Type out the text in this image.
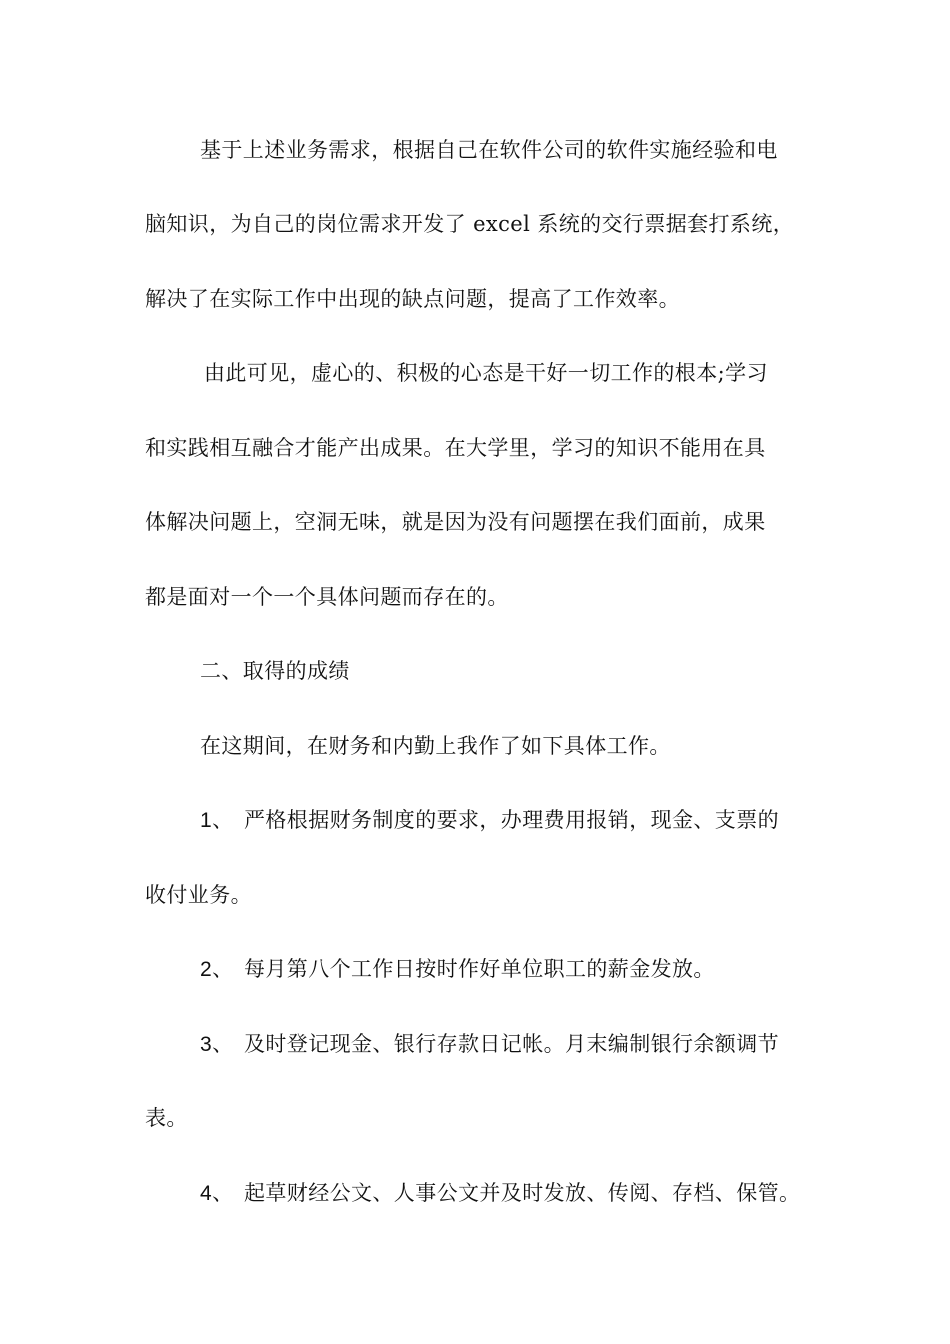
基于上述业务需求，根据自己在软件公司的软件实施经验和电
脑知识，为自己的岗位需求开发了 excel 系统的交行票据套打系统，
解决了在实际工作中出现的缺点问题，提高了工作效率。
由此可见，虚心的、积极的心态是干好一切工作的根本;学习
和实践相互融合才能产出成果。在大学里，学习的知识不能用在具
体解决问题上，空洞无味，就是因为没有问题摆在我们面前，成果
都是面对一个一个具体问题而存在的。
二、取得的成绩
在这期间，在财务和内勤上我作了如下具体工作。
1、 严格根据财务制度的要求，办理费用报销，现金、支票的
收付业务。
2、 每月第八个工作日按时作好单位职工的薪金发放。
3、 及时登记现金、银行存款日记帐。月末编制银行余额调节
表。
4、 起草财经公文、人事公文并及时发放、传阅、存档、保管。
